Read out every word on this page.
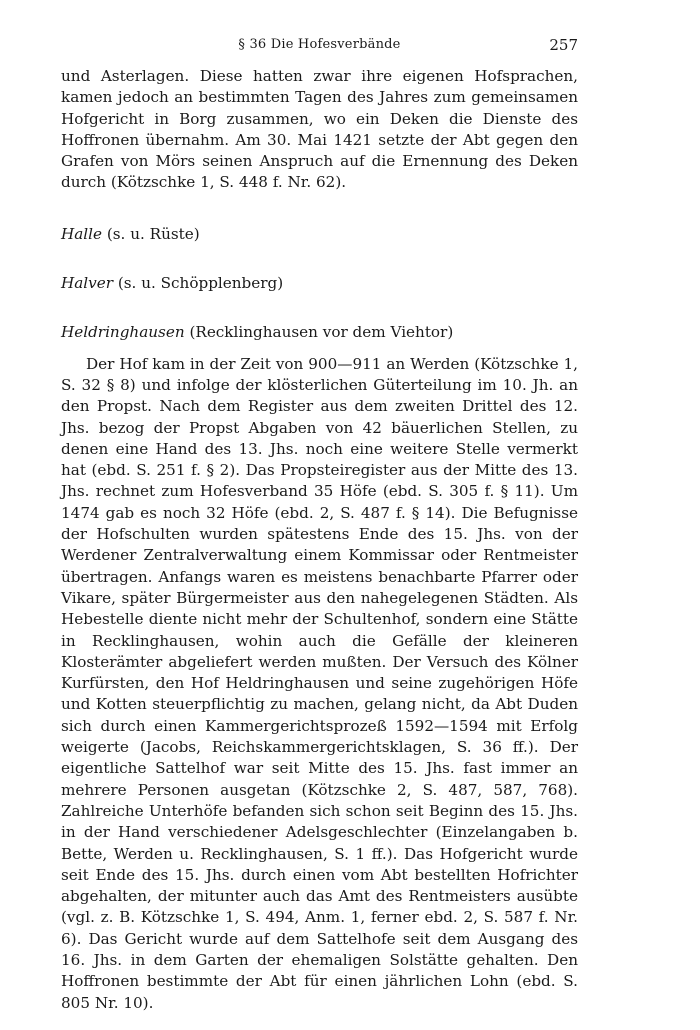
§ 36 Die Hofesverbände	257

und Asterlagen. Diese hatten zwar ihre eigenen Hofsprachen, kamen jedoch an bestimmten Tagen des Jahres zum gemeinsamen Hofgericht in Borg zusammen, wo ein Deken die Dienste des Hoffronen übernahm. Am 30. Mai 1421 setzte der Abt gegen den Grafen von Mörs seinen Anspruch auf die Ernennung des Deken durch (Kötzschke 1, S. 448 f. Nr. 62).

Halle (s. u. Rüste)

Halver (s. u. Schöpplenberg)

Heldringhausen (Recklinghausen vor dem Viehtor)

Der Hof kam in der Zeit von 900—911 an Werden (Kötzschke 1, S. 32 § 8) und infolge der klösterlichen Güterteilung im 10. Jh. an den Propst. Nach dem Register aus dem zweiten Drittel des 12. Jhs. bezog der Propst Abgaben von 42 bäuerlichen Stellen, zu denen eine Hand des 13. Jhs. noch eine weitere Stelle vermerkt hat (ebd. S. 251 f. § 2). Das Propsteiregister aus der Mitte des 13. Jhs. rechnet zum Hofesverband 35 Höfe (ebd. S. 305 f. § 11). Um 1474 gab es noch 32 Höfe (ebd. 2, S. 487 f. § 14). Die Befugnisse der Hofschulten wurden spätestens Ende des 15. Jhs. von der Werdener Zentralverwaltung einem Kommissar oder Rentmeister übertragen. Anfangs waren es meistens benachbarte Pfarrer oder Vikare, später Bürgermeister aus den nahegelegenen Städten. Als Hebestelle diente nicht mehr der Schultenhof, sondern eine Stätte in Recklinghausen, wohin auch die Gefälle der kleineren Klosterämter abgeliefert werden mußten. Der Versuch des Kölner Kurfürsten, den Hof Heldringhausen und seine zugehörigen Höfe und Kotten steuerpflichtig zu machen, gelang nicht, da Abt Duden sich durch einen Kammergerichtsprozeß 1592—1594 mit Erfolg weigerte (Jacobs, Reichskammergerichtsklagen, S. 36 ff.). Der eigentliche Sattelhof war seit Mitte des 15. Jhs. fast immer an mehrere Personen ausgetan (Kötzschke 2, S. 487, 587, 768). Zahlreiche Unterhöfe befanden sich schon seit Beginn des 15. Jhs. in der Hand verschiedener Adelsgeschlechter (Einzelangaben b. Bette, Werden u. Recklinghausen, S. 1 ff.). Das Hofgericht wurde seit Ende des 15. Jhs. durch einen vom Abt bestellten Hofrichter abgehalten, der mitunter auch das Amt des Rentmeisters ausübte (vgl. z. B. Kötzschke 1, S. 494, Anm. 1, ferner ebd. 2, S. 587 f. Nr. 6). Das Gericht wurde auf dem Sattelhofe seit dem Ausgang des 16. Jhs. in dem Garten der ehemaligen Solstätte gehalten. Den Hoffronen bestimmte der Abt für einen jährlichen Lohn (ebd. S. 805 Nr. 10).
